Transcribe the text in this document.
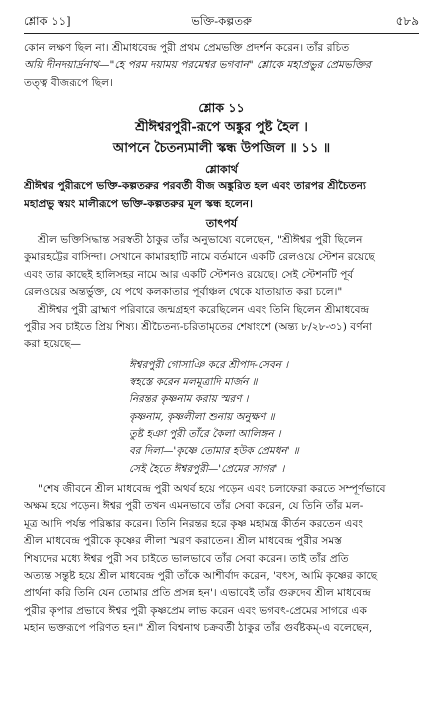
শ্লোক ১১]	ভক্তি-কল্পতরু	৫৮৯
কোন লক্ষণ ছিল না। শ্রীমাধবেন্দ্র পুরী প্রথম প্রেমভক্তি প্রদর্শন করেন। তাঁর রচিত
অয়ি দীনদয়ার্দ্রনাথ—"হে পরম দয়াময় পরমেশ্বর ভগবান" শ্লোকে মহাপ্রভুর প্রেমভক্তির
তত্ত্ব বীজরূপে ছিল।
শ্লোক ১১
শ্রীঈশ্বরপুরী-রূপে অঙ্কুর পুষ্ট হৈল ।
আপনে চৈতন্যমালী স্কন্ধ উপজিল ॥ ১১ ॥
শ্লোকার্থ
শ্রীঈশ্বর পুরীরূপে ভক্তি-কল্পতরুর পরবর্তী বীজ অঙ্কুরিত হল এবং তারপর শ্রীচৈতন্য
মহাপ্রভু স্বয়ং মালীরূপে ভক্তি-কল্পতরুর মূল স্কন্ধ হলেন।
তাৎপর্য
শ্রীল ভক্তিসিদ্ধান্ত সরস্বতী ঠাকুর তাঁর অনুভাষ্যে বলেছেন, "শ্রীঈশ্বর পুরী ছিলেন
কুমারহট্টের বাসিন্দা। সেখানে কামারহাটি নামে বর্তমানে একটি রেলওয়ে স্টেশন রয়েছে
এবং তার কাছেই হালিসহর নামে আর একটি স্টেশনও রয়েছে। সেই স্টেশনটি পূর্ব
রেলওয়ের অন্তর্ভুক্ত, যে পথে কলকাতার পূর্বাঞ্চল থেকে যাতায়াত করা চলে।"
শ্রীঈশ্বর পুরী ব্রাহ্মণ পরিবারে জন্মগ্রহণ করেছিলেন এবং তিনি ছিলেন শ্রীমাধবেন্দ্র
পুরীর সব চাইতে প্রিয় শিষ্য। শ্রীচৈতন্য-চরিতামৃতের শেষাংশে (অন্ত্য ৮/২৮-৩১) বর্ণনা
করা হয়েছে—
ঈশ্বরপুরী গোসাঞি করে শ্রীপাদ-সেবন ।
স্বহস্তে করেন মলমূত্রাদি মার্জন ॥
নিরন্তর কৃষ্ণনাম করায় স্মরণ ।
কৃষ্ণনাম, কৃষ্ণলীলা শুনায় অনুক্ষণ ॥
তুষ্ট হঞা পুরী তাঁরে কৈলা আলিঙ্গন ।
বর দিলা—'কৃষ্ণে তোমার হউক প্রেমধন' ॥
সেই হৈতে ঈশ্বরপুরী—'প্রেমের সাগর' ।
"শেষ জীবনে শ্রীল মাধবেন্দ্র পুরী অথর্ব হয়ে পড়েন এবং চলাফেরা করতে সম্পূর্ণভাবে
অক্ষম হয়ে পড়েন। ঈশ্বর পুরী তখন এমনভাবে তাঁর সেবা করেন, যে তিনি তাঁর মল-
মূত্র আদি পর্যন্ত পরিষ্কার করেন। তিনি নিরন্তর হরে কৃষ্ণ মহামন্ত্র কীর্তন করতেন এবং
শ্রীল মাধবেন্দ্র পুরীকে কৃষ্ণের লীলা স্মরণ করাতেন। শ্রীল মাধবেন্দ্র পুরীর সমস্ত
শিষ্যদের মধ্যে ঈশ্বর পুরী সব চাইতে ভালভাবে তাঁর সেবা করেন। তাই তাঁর প্রতি
অত্যন্ত সন্তুষ্ট হয়ে শ্রীল মাধবেন্দ্র পুরী তাঁকে আশীর্বাদ করেন, 'বৎস, আমি কৃষ্ণের কাছে
প্রার্থনা করি তিনি যেন তোমার প্রতি প্রসন্ন হন'। এভাবেই তাঁর গুরুদেব শ্রীল মাধবেন্দ্র
পুরীর কৃপার প্রভাবে ঈশ্বর পুরী কৃষ্ণপ্রেম লাভ করেন এবং ভগবৎ-প্রেমের সাগরে এক
মহান ভক্তরূপে পরিণত হন।" শ্রীল বিশ্বনাথ চক্রবর্তী ঠাকুর তাঁর গুর্বষ্টকম্‌-এ বলেছেন,
